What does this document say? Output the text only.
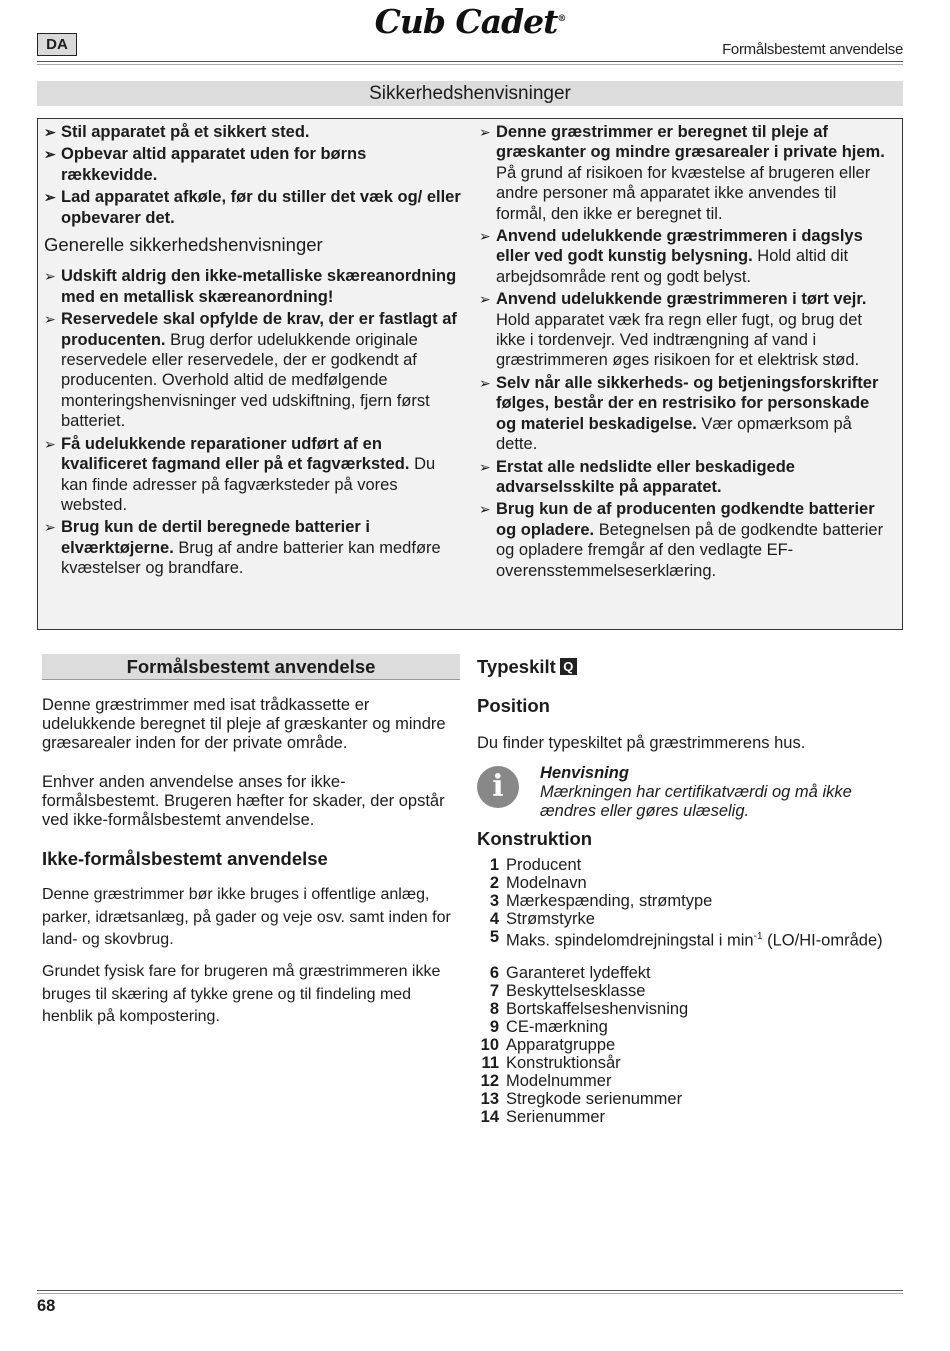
Cub Cadet®
DA	Formålsbestemt anvendelse
Sikkerhedshenvisninger

➢ Stil apparatet på et sikkert sted.

➢ Opbevar altid apparatet uden for børns rækkevidde.

➢ Lad apparatet afkøle, før du stiller det væk og/ eller opbevarer det.

Generelle sikkerhedshenvisninger

➢ Udskift aldrig den ikke-metalliske skæreanordning med en metallisk skæreanordning!

➢ Reservedele skal opfylde de krav, der er fastlagt af producenten. Brug derfor udelukkende originale reservedele eller reservedele, der er godkendt af producenten. Overhold altid de medfølgende monteringshenvisninger ved udskiftning, fjern først batteriet.

➢ Få udelukkende reparationer udført af en kvalificeret fagmand eller på et fagværksted. Du kan finde adresser på fagværksteder på vores websted.

➢ Brug kun de dertil beregnede batterier i elværktøjerne. Brug af andre batterier kan medføre kvæstelser og brandfare.

➢ Denne græstrimmer er beregnet til pleje af græskanter og mindre græsarealer i private hjem. På grund af risikoen for kvæstelse af brugeren eller andre personer må apparatet ikke anvendes til formål, den ikke er beregnet til.

➢ Anvend udelukkende græstrimmeren i dagslys eller ved godt kunstig belysning. Hold altid dit arbejdsområde rent og godt belyst.

➢ Anvend udelukkende græstrimmeren i tørt vejr. Hold apparatet væk fra regn eller fugt, og brug det ikke i tordenvejr. Ved indtrængning af vand i græstrimmeren øges risikoen for et elektrisk stød.

➢ Selv når alle sikkerheds- og betjeningsforskrifter følges, består der en restrisiko for personskade og materiel beskadigelse. Vær opmærksom på dette.

➢ Erstat alle nedslidte eller beskadigede advarselsskilte på apparatet.

➢ Brug kun de af producenten godkendte batterier og opladere. Betegnelsen på de godkendte batterier og opladere fremgår af den vedlagte EF-overensstemmelseserklæring.

Formålsbestemt anvendelse
Denne græstrimmer med isat trådkassette er udelukkende beregnet til pleje af græskanter og mindre græsarealer inden for der private område.
Enhver anden anvendelse anses for ikke-formålsbestemt. Brugeren hæfter for skader, der opstår ved ikke-formålsbestemt anvendelse.
Ikke-formålsbestemt anvendelse
Denne græstrimmer bør ikke bruges i offentlige anlæg, parker, idrætsanlæg, på gader og veje osv. samt inden for land- og skovbrug.
Grundet fysisk fare for brugeren må græstrimmeren ikke bruges til skæring af tykke grene og til findeling med henblik på kompostering.
Typeskilt Q
Position
Du finder typeskiltet på græstrimmerens hus.
i	Henvisning
Mærkningen har certifikatværdi og må ikke ændres eller gøres ulæselig.
Konstruktion
1 Producent
2 Modelnavn
3 Mærkespænding, strømtype
4 Strømstyrke
5 Maks. spindelomdrejningstal i $\min^{-1}$ (LO/HI-område)
6 Garanteret lydeffekt
7 Beskyttelsesklasse
8 Bortskaffelseshenvisning
9 CE-mærkning
10 Apparatgruppe
11 Konstruktionsår
12 Modelnummer
13 Stregkode serienummer
14 Serienummer
68
